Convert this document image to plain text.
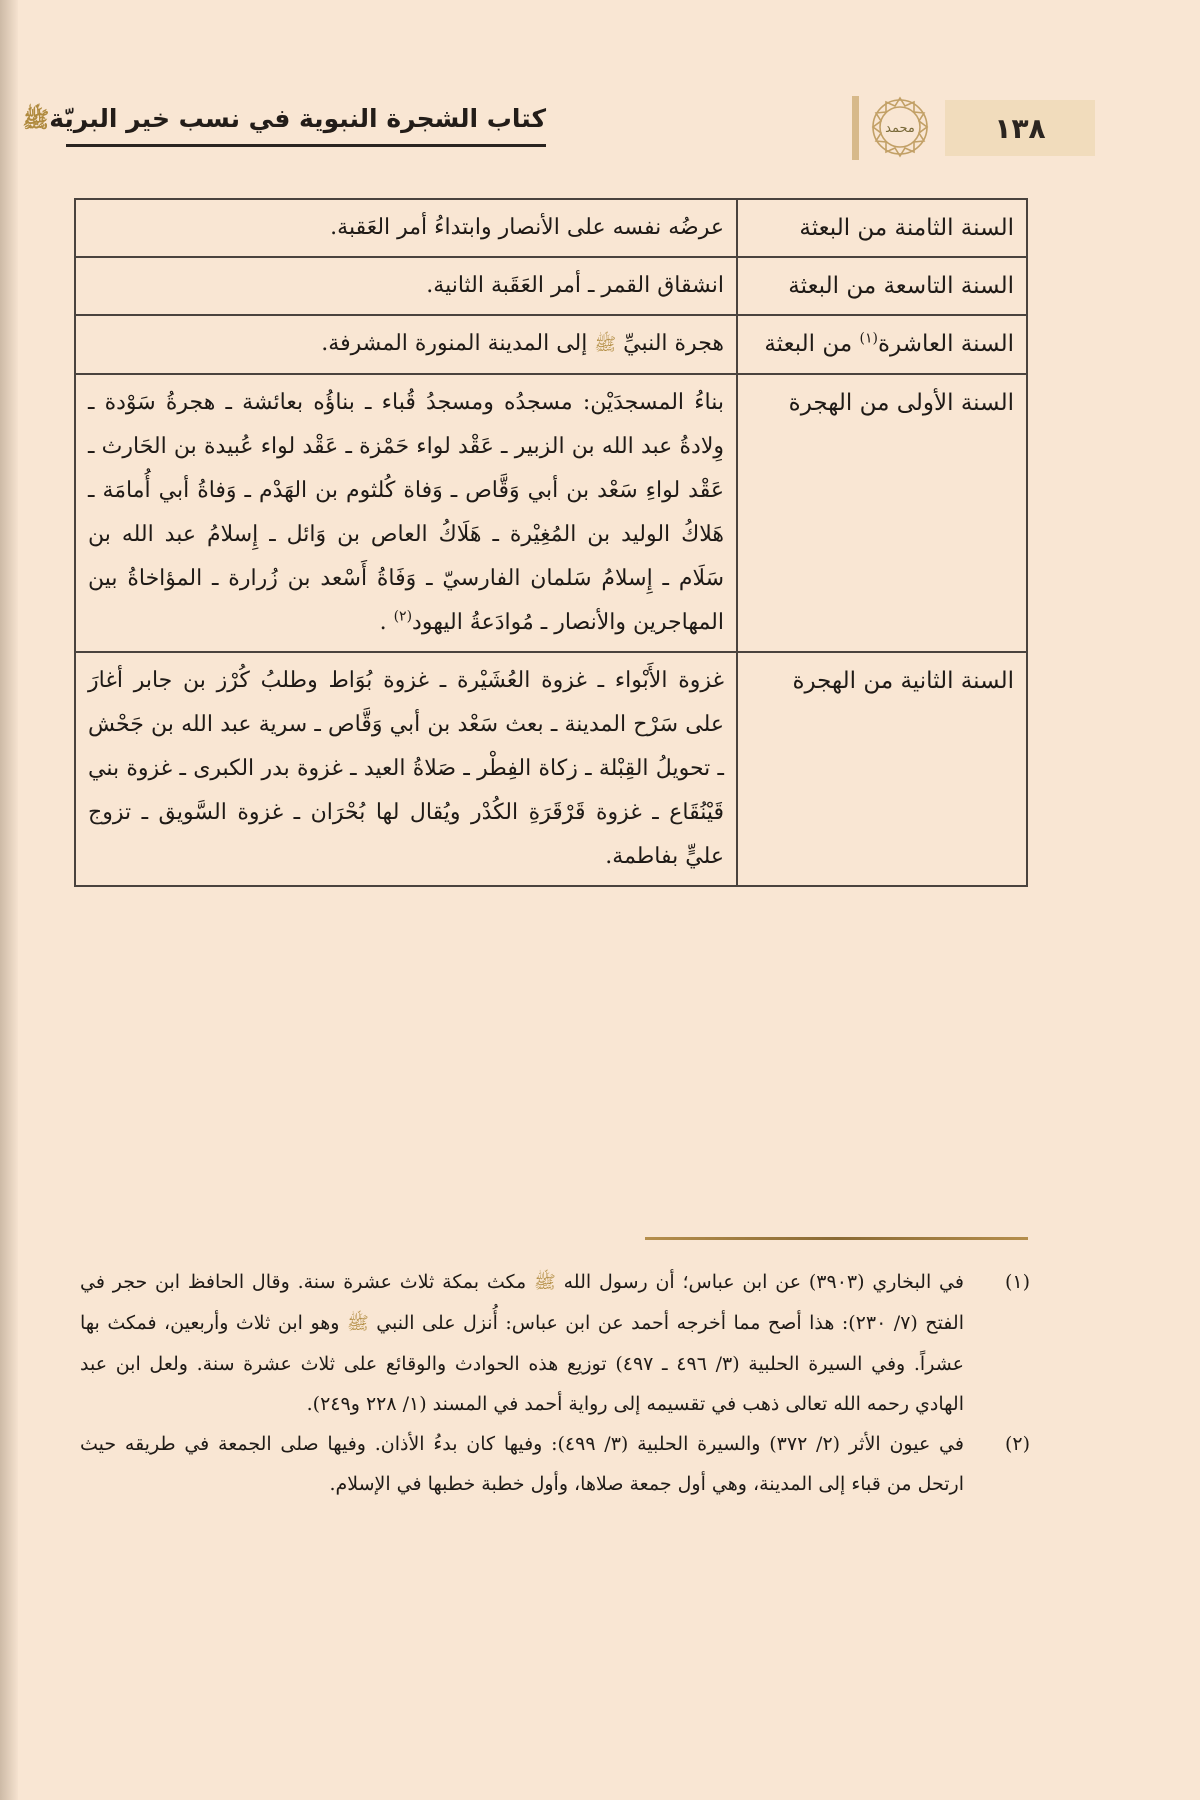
كتاب الشجرة النبوية في نسب خير البريّةﷺ	محمد	١٣٨
السنة الثامنة من البعثة	عرضُه نفسه على الأنصار وابتداءُ أمر العَقبة.
السنة التاسعة من البعثة	انشقاق القمر ـ أمر العَقَبة الثانية.
السنة العاشرة$^{(١)}$ من البعثة	هجرة النبيِّ ﷺ إلى المدينة المنورة المشرفة.
السنة الأولى من الهجرة	بناءُ المسجدَيْن: مسجدُه ومسجدُ قُباء ـ بناؤُه بعائشة ـ هجرةُ سَوْدة ـ وِلادةُ عبد الله بن الزبير ـ عَقْد لواء حَمْزة ـ عَقْد لواء عُبيدة بن الحَارث ـ عَقْد لواءِ سَعْد بن أبي وَقَّاص ـ وَفاة كُلثوم بن الهَدْم ـ وَفاةُ أبي أُمامَة ـ هَلاكُ الوليد بن المُغِيْرة ـ هَلَاكُ العاص بن وَائل ـ إِسلامُ عبد الله بن سَلَام ـ إِسلامُ سَلمان الفارسيّ ـ وَفَاةُ أَسْعد بن زُرارة ـ المؤاخاةُ بين المهاجرين والأنصار ـ مُوادَعةُ اليهود$^{(٢)}$ .
السنة الثانية من الهجرة	غزوة الأَبْواء ـ غزوة العُشَيْرة ـ غزوة بُوَاط وطلبُ كُرْز بن جابر أغارَ على سَرْح المدينة ـ بعث سَعْد بن أبي وَقَّاص ـ سرية عبد الله بن جَحْش ـ تحويلُ القِبْلة ـ زكاة الفِطْر ـ صَلاةُ العيد ـ غزوة بدر الكبرى ـ غزوة بني قَيْنُقَاع ـ غزوة قَرْقَرَةِ الكُدْر ويُقال لها بُحْرَان ـ غزوة السَّويق ـ تزوج عليٍّ بفاطمة.
(١)
في البخاري (٣٩٠٣) عن ابن عباس؛ أن رسول الله ﷺ مكث بمكة ثلاث عشرة سنة. وقال الحافظ ابن حجر في الفتح (٧/ ٢٣٠): هذا أصح مما أخرجه أحمد عن ابن عباس: أُنزل على النبي ﷺ وهو ابن ثلاث وأربعين، فمكث بها عشراً. وفي السيرة الحلبية (٣/ ٤٩٦ ـ ٤٩٧) توزيع هذه الحوادث والوقائع على ثلاث عشرة سنة. ولعل ابن عبد الهادي رحمه الله تعالى ذهب في تقسيمه إلى رواية أحمد في المسند (١/ ٢٢٨ و٢٤٩).
(٢)
في عيون الأثر (٢/ ٣٧٢) والسيرة الحلبية (٣/ ٤٩٩): وفيها كان بدءُ الأذان. وفيها صلى الجمعة في طريقه حيث ارتحل من قباء إلى المدينة، وهي أول جمعة صلاها، وأول خطبة خطبها في الإسلام.
